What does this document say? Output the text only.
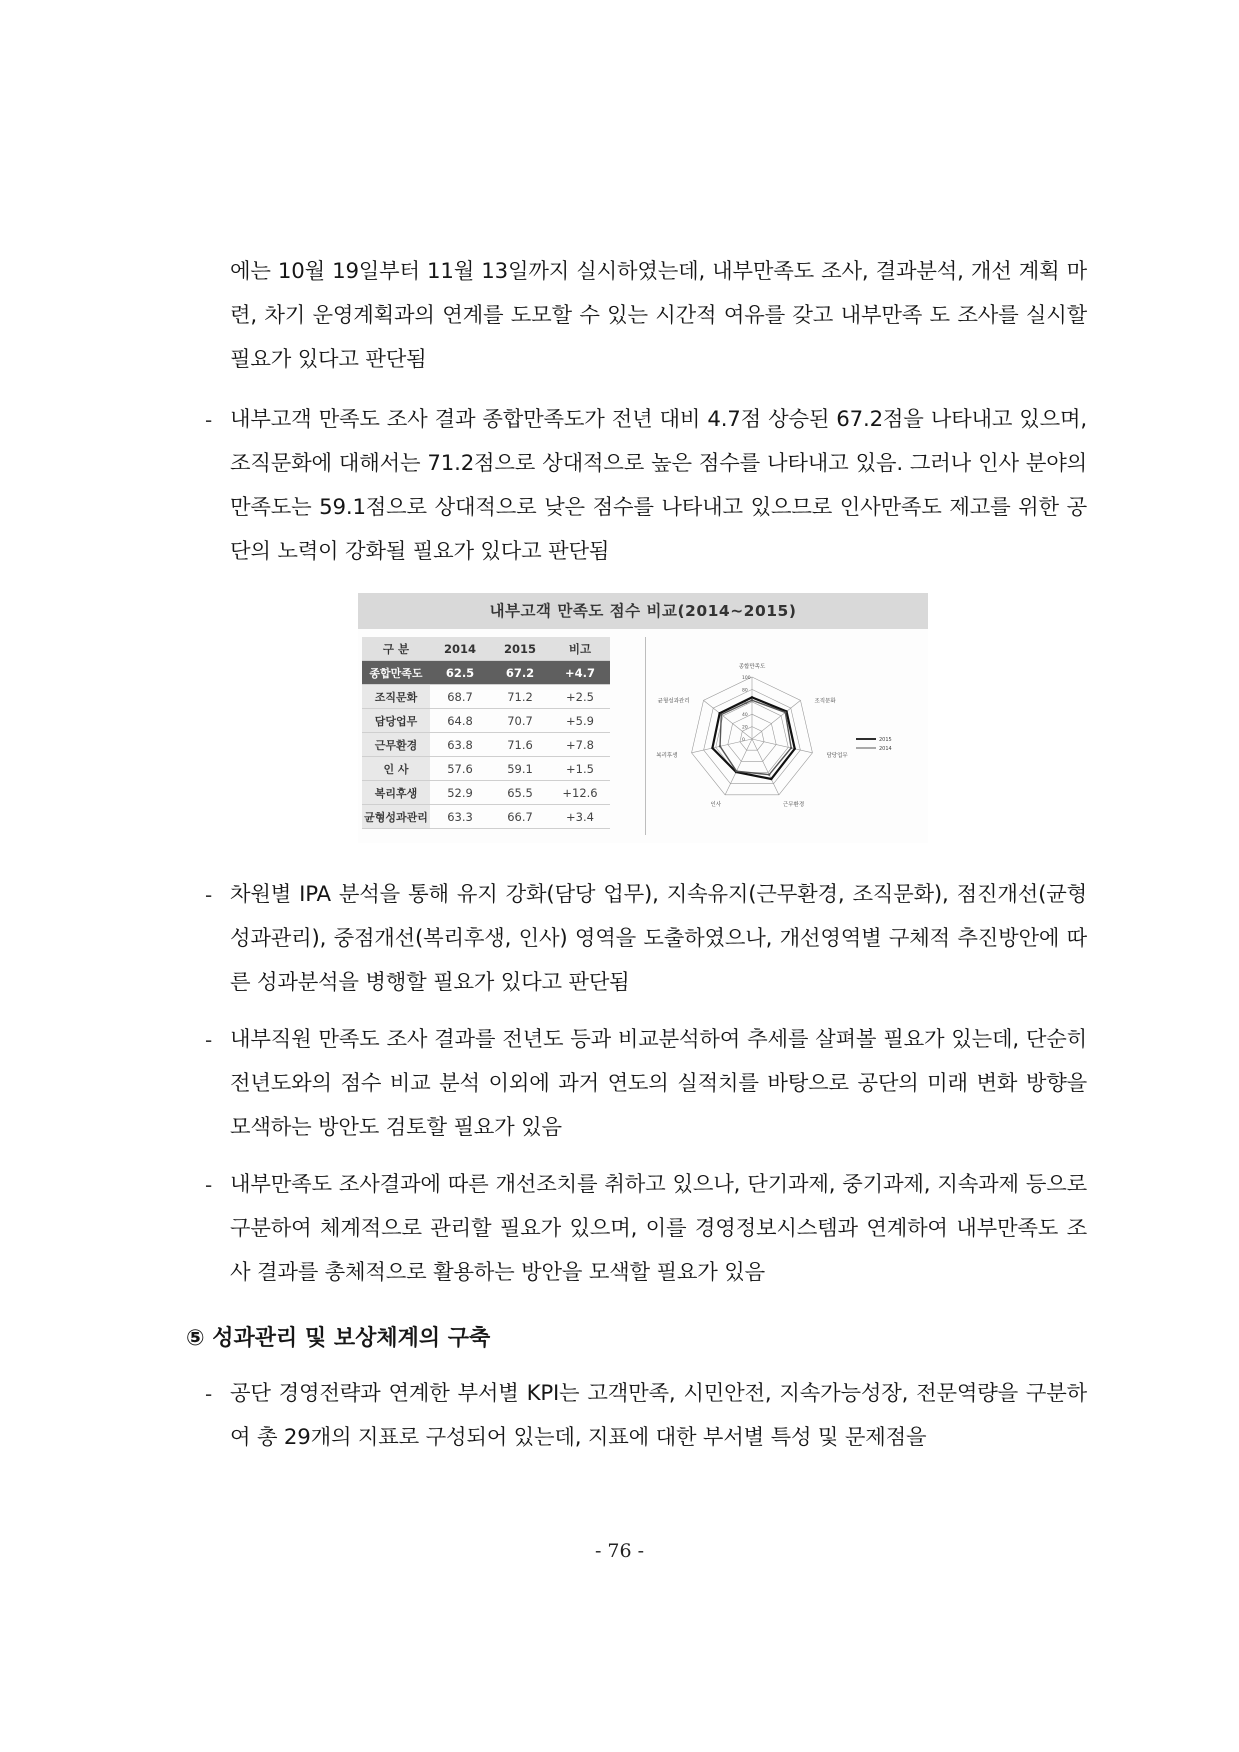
에는 10월 19일부터 11월 13일까지 실시하였는데, 내부만족도 조사, 결과분석, 개선 계획 마련, 차기 운영계획과의 연계를 도모할 수 있는 시간적 여유를 갖고 내부만족 도 조사를 실시할 필요가 있다고 판단됨

- 내부고객 만족도 조사 결과 종합만족도가 전년 대비 4.7점 상승된 67.2점을 나타내고 있으며, 조직문화에 대해서는 71.2점으로 상대적으로 높은 점수를 나타내고 있음. 그러나 인사 분야의 만족도는 59.1점으로 상대적으로 낮은 점수를 나타내고 있으므로 인사만족도 제고를 위한 공단의 노력이 강화될 필요가 있다고 판단됨

내부고객 만족도 점수 비교(2014~2015)
구 분	2014	2015	비고
종합만족도	62.5	67.2	+4.7
조직문화	68.7	71.2	+2.5
담당업무	64.8	70.7	+5.9
근무환경	63.8	71.6	+7.8
인 사	57.6	59.1	+1.5
복리후생	52.9	65.5	+12.6
균형성과관리	63.3	66.7	+3.4
100
80
60
40
20
0
종합만족도
조직문화
담당업무
근무환경
인사
복리후생
균형성과관리
2015
2014
- 차원별 IPA 분석을 통해 유지 강화(담당 업무), 지속유지(근무환경, 조직문화), 점진개선(균형성과관리), 중점개선(복리후생, 인사) 영역을 도출하였으나, 개선영역별 구체적 추진방안에 따른 성과분석을 병행할 필요가 있다고 판단됨

- 내부직원 만족도 조사 결과를 전년도 등과 비교분석하여 추세를 살펴볼 필요가 있는데, 단순히 전년도와의 점수 비교 분석 이외에 과거 연도의 실적치를 바탕으로 공단의 미래 변화 방향을 모색하는 방안도 검토할 필요가 있음

- 내부만족도 조사결과에 따른 개선조치를 취하고 있으나, 단기과제, 중기과제, 지속과제 등으로 구분하여 체계적으로 관리할 필요가 있으며, 이를 경영정보시스템과 연계하여 내부만족도 조사 결과를 총체적으로 활용하는 방안을 모색할 필요가 있음

⑤ 성과관리 및 보상체계의 구축
- 공단 경영전략과 연계한 부서별 KPI는 고객만족, 시민안전, 지속가능성장, 전문역량을 구분하여 총 29개의 지표로 구성되어 있는데, 지표에 대한 부서별 특성 및 문제점을

- 76 -
